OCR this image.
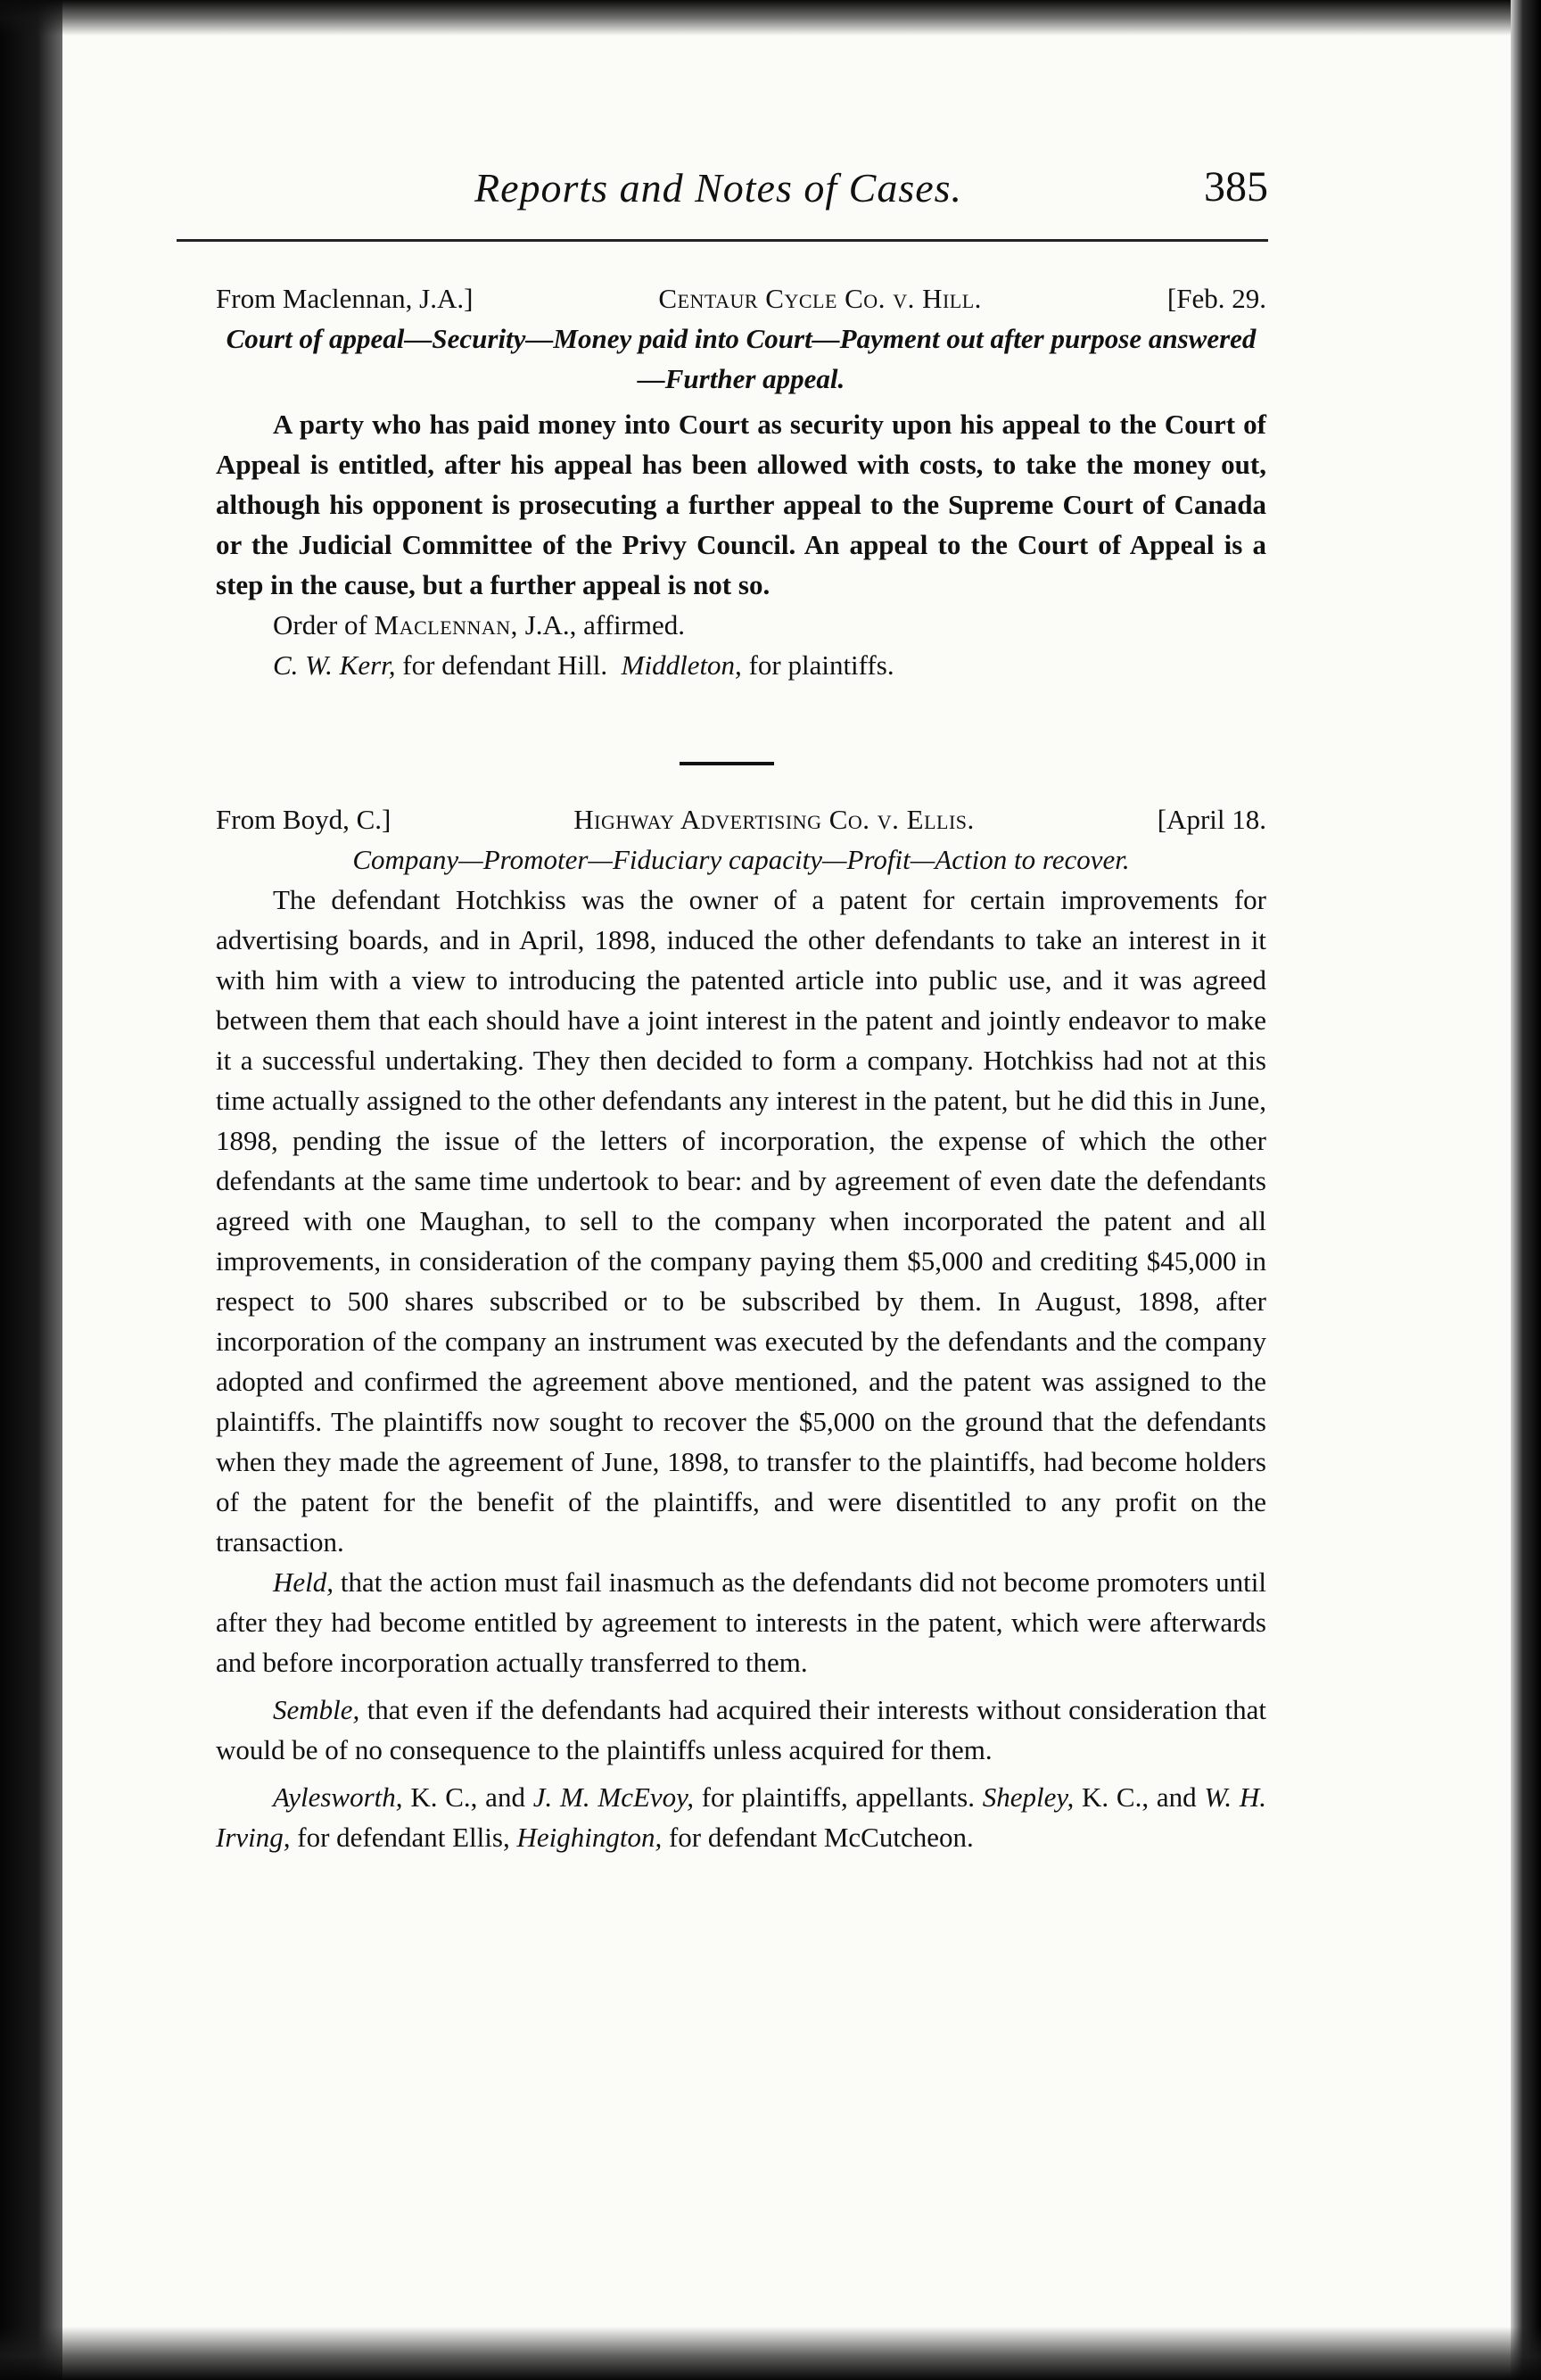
Reports and Notes of Cases.	385
From Maclennan, J.A.]	Centaur Cycle Co. v. Hill.	[Feb. 29.
Court of appeal—Security—Money paid into Court—Payment out after purpose answered—Further appeal.

A party who has paid money into Court as security upon his appeal to the Court of Appeal is entitled, after his appeal has been allowed with costs, to take the money out, although his opponent is prosecuting a further appeal to the Supreme Court of Canada or the Judicial Committee of the Privy Council. An appeal to the Court of Appeal is a step in the cause, but a further appeal is not so.

Order of Maclennan, J.A., affirmed.

C. W. Kerr, for defendant Hill. Middleton, for plaintiffs.

From Boyd, C.]	Highway Advertising Co. v. Ellis.	[April 18.
Company—Promoter—Fiduciary capacity—Profit—Action to recover.

The defendant Hotchkiss was the owner of a patent for certain improvements for advertising boards, and in April, 1898, induced the other defendants to take an interest in it with him with a view to introducing the patented article into public use, and it was agreed between them that each should have a joint interest in the patent and jointly endeavor to make it a successful undertaking. They then decided to form a company. Hotchkiss had not at this time actually assigned to the other defendants any interest in the patent, but he did this in June, 1898, pending the issue of the letters of incorporation, the expense of which the other defendants at the same time undertook to bear: and by agreement of even date the defendants agreed with one Maughan, to sell to the company when incorporated the patent and all improvements, in consideration of the company paying them $5,000 and crediting $45,000 in respect to 500 shares subscribed or to be subscribed by them. In August, 1898, after incorporation of the company an instrument was executed by the defendants and the company adopted and confirmed the agreement above mentioned, and the patent was assigned to the plaintiffs. The plaintiffs now sought to recover the $5,000 on the ground that the defendants when they made the agreement of June, 1898, to transfer to the plaintiffs, had become holders of the patent for the benefit of the plaintiffs, and were disentitled to any profit on the transaction.

Held, that the action must fail inasmuch as the defendants did not become promoters until after they had become entitled by agreement to interests in the patent, which were afterwards and before incorporation actually transferred to them.

Semble, that even if the defendants had acquired their interests without consideration that would be of no consequence to the plaintiffs unless acquired for them.

Aylesworth, K. C., and J. M. McEvoy, for plaintiffs, appellants. Shepley, K. C., and W. H. Irving, for defendant Ellis, Heighington, for defendant McCutcheon.
